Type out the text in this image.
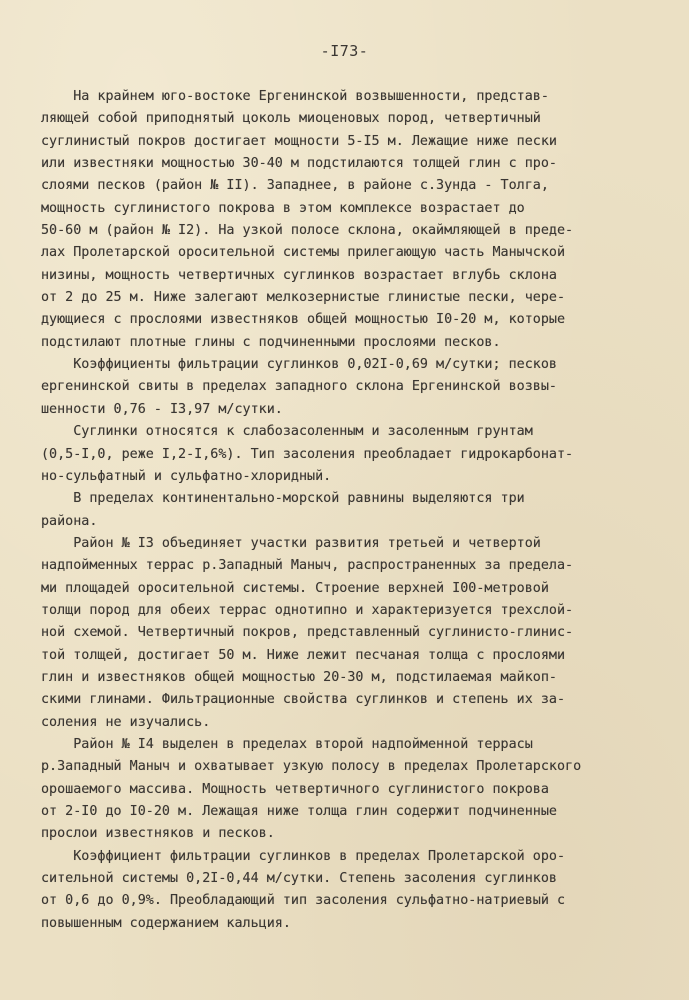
-I73-
На крайнем юго-востоке Ергенинской возвышенности, представ-
ляющей собой приподнятый цоколь миоценовых пород, четвертичный
суглинистый покров достигает мощности 5-I5 м. Лежащие ниже пески
или известняки мощностью 30-40 м подстилаются толщей глин с про-
слоями песков (район № II). Западнее, в районе с.Зунда - Толга,
мощность суглинистого покрова в этом комплексе возрастает до
50-60 м (район № I2). На узкой полосе склона, окаймляющей в преде-
лах Пролетарской оросительной системы прилегающую часть Манычской
низины, мощность четвертичных суглинков возрастает вглубь склона
от 2 до 25 м. Ниже залегают мелкозернистые глинистые пески, чере-
дующиеся с прослоями известняков общей мощностью I0-20 м, которые
подстилают плотные глины с подчиненными прослоями песков.
Коэффициенты фильтрации суглинков 0,02I-0,69 м/сутки; песков
ергенинской свиты в пределах западного склона Ергенинской возвы-
шенности 0,76 - I3,97 м/сутки.
Суглинки относятся к слабозасоленным и засоленным грунтам
(0,5-I,0, реже I,2-I,6%). Тип засоления преобладает гидрокарбонат-
но-сульфатный и сульфатно-хлоридный.
В пределах континентально-морской равнины выделяются три
района.
Район № I3 объединяет участки развития третьей и четвертой
надпойменных террас р.Западный Маныч, распространенных за предела-
ми площадей оросительной системы. Строение верхней I00-метровой
толщи пород для обеих террас однотипно и характеризуется трехслой-
ной схемой. Четвертичный покров, представленный суглинисто-глинис-
той толщей, достигает 50 м. Ниже лежит песчаная толща с прослоями
глин и известняков общей мощностью 20-30 м, подстилаемая майкоп-
скими глинами. Фильтрационные свойства суглинков и степень их за-
соления не изучались.
Район № I4 выделен в пределах второй надпойменной террасы
р.Западный Маныч и охватывает узкую полосу в пределах Пролетарского
орошаемого массива. Мощность четвертичного суглинистого покрова
от 2-I0 до I0-20 м. Лежащая ниже толща глин содержит подчиненные
прослои известняков и песков.
Коэффициент фильтрации суглинков в пределах Пролетарской оро-
сительной системы 0,2I-0,44 м/сутки. Степень засоления суглинков
от 0,6 до 0,9%. Преобладающий тип засоления сульфатно-натриевый с
повышенным содержанием кальция.
